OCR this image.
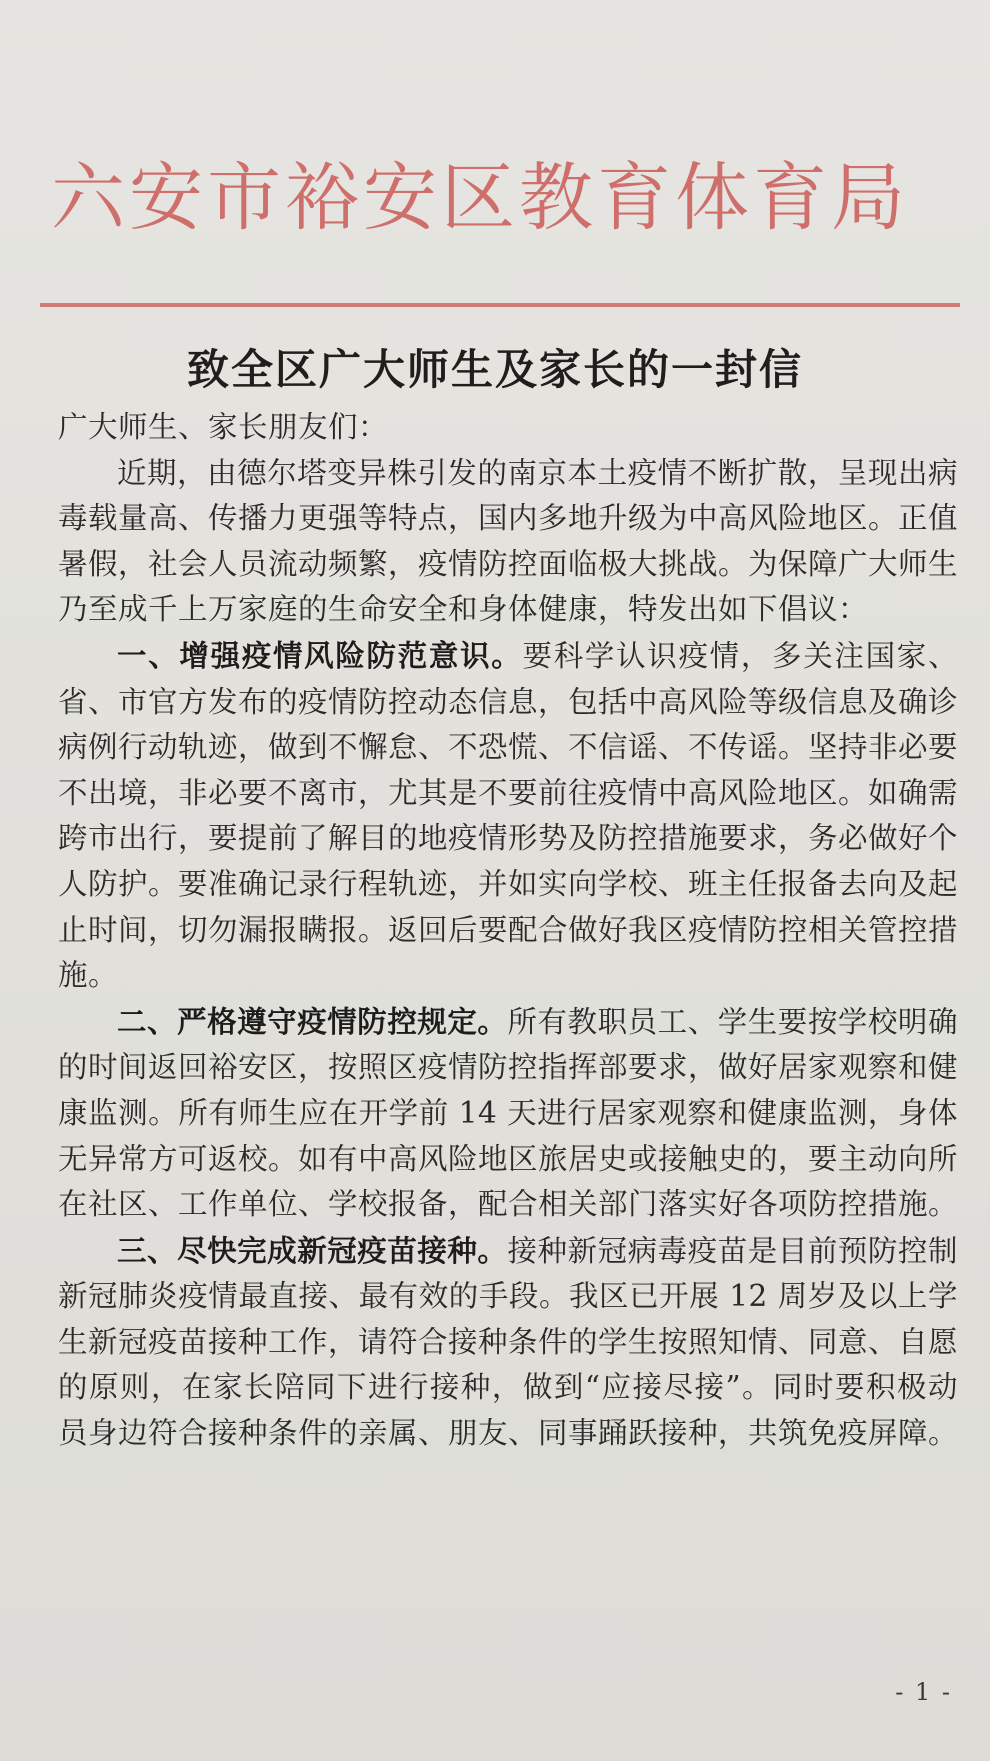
六安市裕安区教育体育局
致全区广大师生及家长的一封信

广大师生、家长朋友们：

近期，由德尔塔变异株引发的南京本土疫情不断扩散，呈现出病毒载量高、传播力更强等特点，国内多地升级为中高风险地区。正值暑假，社会人员流动频繁，疫情防控面临极大挑战。为保障广大师生乃至成千上万家庭的生命安全和身体健康，特发出如下倡议：

一、增强疫情风险防范意识。要科学认识疫情，多关注国家、省、市官方发布的疫情防控动态信息，包括中高风险等级信息及确诊病例行动轨迹，做到不懈怠、不恐慌、不信谣、不传谣。坚持非必要不出境，非必要不离市，尤其是不要前往疫情中高风险地区。如确需跨市出行，要提前了解目的地疫情形势及防控措施要求，务必做好个人防护。要准确记录行程轨迹，并如实向学校、班主任报备去向及起止时间，切勿漏报瞒报。返回后要配合做好我区疫情防控相关管控措施。

二、严格遵守疫情防控规定。所有教职员工、学生要按学校明确的时间返回裕安区，按照区疫情防控指挥部要求，做好居家观察和健康监测。所有师生应在开学前 14 天进行居家观察和健康监测，身体无异常方可返校。如有中高风险地区旅居史或接触史的，要主动向所在社区、工作单位、学校报备，配合相关部门落实好各项防控措施。

三、尽快完成新冠疫苗接种。接种新冠病毒疫苗是目前预防控制新冠肺炎疫情最直接、最有效的手段。我区已开展 12 周岁及以上学生新冠疫苗接种工作，请符合接种条件的学生按照知情、同意、自愿的原则，在家长陪同下进行接种，做到“应接尽接”。同时要积极动员身边符合接种条件的亲属、朋友、同事踊跃接种，共筑免疫屏障。

- 1 -
